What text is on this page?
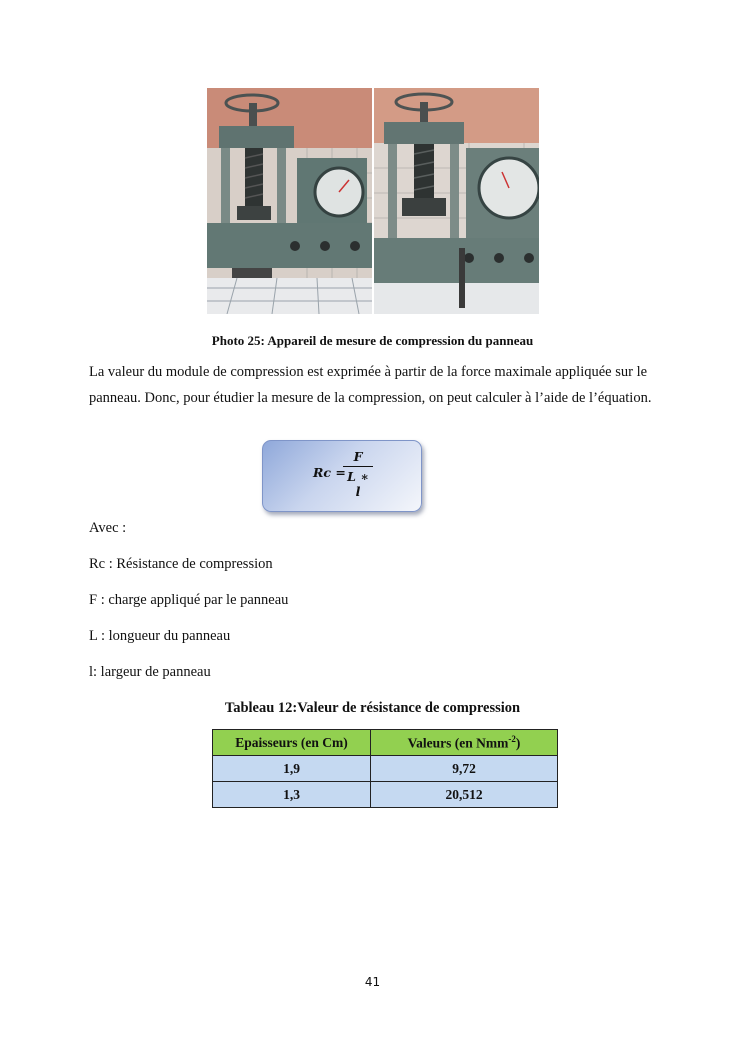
Photo 25: Appareil de mesure de compression du panneau
La valeur du module de compression est exprimée à partir de la force maximale appliquée sur le panneau. Donc, pour étudier la mesure de la compression, on peut calculer à l’aide de l’équation.
Rc =
F
L ∗ l
Avec :
Rc : Résistance de compression
F : charge appliqué par le panneau
L : longueur du panneau
l: largeur de panneau
Tableau 12:Valeur de résistance de compression
Epaisseurs (en Cm)	Valeurs (en Nmm$^{-2}$)
1,9	9,72
1,3	20,512
41
